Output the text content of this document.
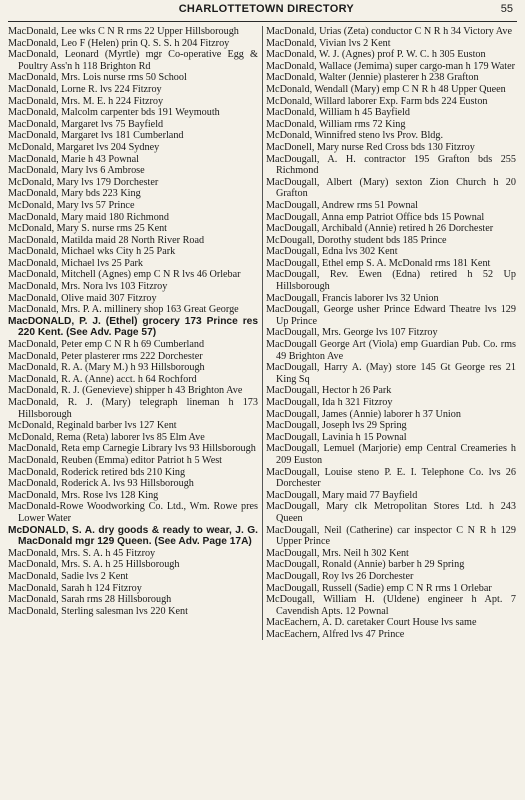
CHARLOTTETOWN DIRECTORY	55
MacDonald, Lee wks C N R rms 22 Upper Hillsborough
MacDonald, Leo F (Helen) prin Q. S. S. h 204 Fitzroy
MacDonald, Leonard (Myrtle) mgr Co-operative Egg & Poultry Ass'n h 118 Brighton Rd
MacDonald, Mrs. Lois nurse rms 50 School
MacDonald, Lorne R. lvs 224 Fitzroy
MacDonald, Mrs. M. E. h 224 Fitzroy
MacDonald, Malcolm carpenter bds 191 Weymouth
MacDonald, Margaret lvs 75 Bayfield
MacDonald, Margaret lvs 181 Cumberland
McDonald, Margaret lvs 204 Sydney
MacDonald, Marie h 43 Pownal
MacDonald, Mary lvs 6 Ambrose
McDonald, Mary lvs 179 Dorchester
MacDonald, Mary bds 223 King
McDonald, Mary lvs 57 Prince
MacDonald, Mary maid 180 Richmond
McDonald, Mary S. nurse rms 25 Kent
MacDonald, Matilda maid 28 North River Road
MacDonald, Michael wks City h 25 Park
MacDonald, Michael lvs 25 Park
MacDonald, Mitchell (Agnes) emp C N R lvs 46 Orlebar
MacDonald, Mrs. Nora lvs 103 Fitzroy
MacDonald, Olive maid 307 Fitzroy
MacDonald, Mrs. P. A. millinery shop 163 Great George
MacDONALD, P. J. (Ethel) grocery 173 Prince res 220 Kent. (See Adv. Page 57)
MacDonald, Peter emp C N R h 69 Cumberland
MacDonald, Peter plasterer rms 222 Dorchester
MacDonald, R. A. (Mary M.) h 93 Hillsborough
MacDonald, R. A. (Anne) acct. h 64 Rochford
MacDonald, R. J. (Genevieve) shipper h 43 Brighton Ave
MacDonald, R. J. (Mary) telegraph lineman h 173 Hillsborough
McDonald, Reginald barber lvs 127 Kent
McDonald, Rema (Reta) laborer lvs 85 Elm Ave
MacDonald, Reta emp Carnegie Library lvs 93 Hillsborough
MacDonald, Reuben (Emma) editor Patriot h 5 West
MacDonald, Roderick retired bds 210 King
MacDonald, Roderick A. lvs 93 Hillsborough
MacDonald, Mrs. Rose lvs 128 King
MacDonald-Rowe Woodworking Co. Ltd., Wm. Rowe pres Lower Water
McDONALD, S. A. dry goods & ready to wear, J. G. MacDonald mgr 129 Queen. (See Adv. Page 17A)
MacDonald, Mrs. S. A. h 45 Fitzroy
MacDonald, Mrs. S. A. h 25 Hillsborough
MacDonald, Sadie lvs 2 Kent
MacDonald, Sarah h 124 Fitzroy
MacDonald, Sarah rms 28 Hillsborough
MacDonald, Sterling salesman lvs 220 Kent
MacDonald, Urias (Zeta) conductor C N R h 34 Victory Ave
MacDonald, Vivian lvs 2 Kent
MacDonald, W. J. (Agnes) prof P. W. C. h 305 Euston
MacDonald, Wallace (Jemima) super cargo-man h 179 Water
MacDonald, Walter (Jennie) plasterer h 238 Grafton
McDonald, Wendall (Mary) emp C N R h 48 Upper Queen
McDonald, Willard laborer Exp. Farm bds 224 Euston
MacDonald, William h 45 Bayfield
MacDonald, William rms 72 King
McDonald, Winnifred steno lvs Prov. Bldg.
MacDonell, Mary nurse Red Cross bds 130 Fitzroy
MacDougall, A. H. contractor 195 Grafton bds 255 Richmond
MacDougall, Albert (Mary) sexton Zion Church h 20 Grafton
MacDougall, Andrew rms 51 Pownal
MacDougall, Anna emp Patriot Office bds 15 Pownal
MacDougall, Archibald (Annie) retired h 26 Dorchester
McDougall, Dorothy student bds 185 Prince
MacDougall, Edna lvs 302 Kent
MacDougall, Ethel emp S. A. McDonald rms 181 Kent
MacDougall, Rev. Ewen (Edna) retired h 52 Up Hillsborough
MacDougall, Francis laborer lvs 32 Union
MacDougall, George usher Prince Edward Theatre lvs 129 Up Prince
MacDougall, Mrs. George lvs 107 Fitzroy
MacDougall George Art (Viola) emp Guardian Pub. Co. rms 49 Brighton Ave
MacDougall, Harry A. (May) store 145 Gt George res 21 King Sq
MacDougall, Hector h 26 Park
MacDougall, Ida h 321 Fitzroy
MacDougall, James (Annie) laborer h 37 Union
MacDougall, Joseph lvs 29 Spring
MacDougall, Lavinia h 15 Pownal
MacDougall, Lemuel (Marjorie) emp Central Creameries h 209 Euston
MacDougall, Louise steno P. E. I. Telephone Co. lvs 26 Dorchester
MacDougall, Mary maid 77 Bayfield
MacDougall, Mary clk Metropolitan Stores Ltd. h 243 Queen
MacDougall, Neil (Catherine) car inspector C N R h 129 Upper Prince
MacDougall, Mrs. Neil h 302 Kent
MacDougall, Ronald (Annie) barber h 29 Spring
MacDougall, Roy lvs 26 Dorchester
MacDougall, Russell (Sadie) emp C N R rms 1 Orlebar
McDougall, William H. (Uldene) engineer h Apt. 7 Cavendish Apts. 12 Pownal
MacEachern, A. D. caretaker Court House lvs same
MacEachern, Alfred lvs 47 Prince
